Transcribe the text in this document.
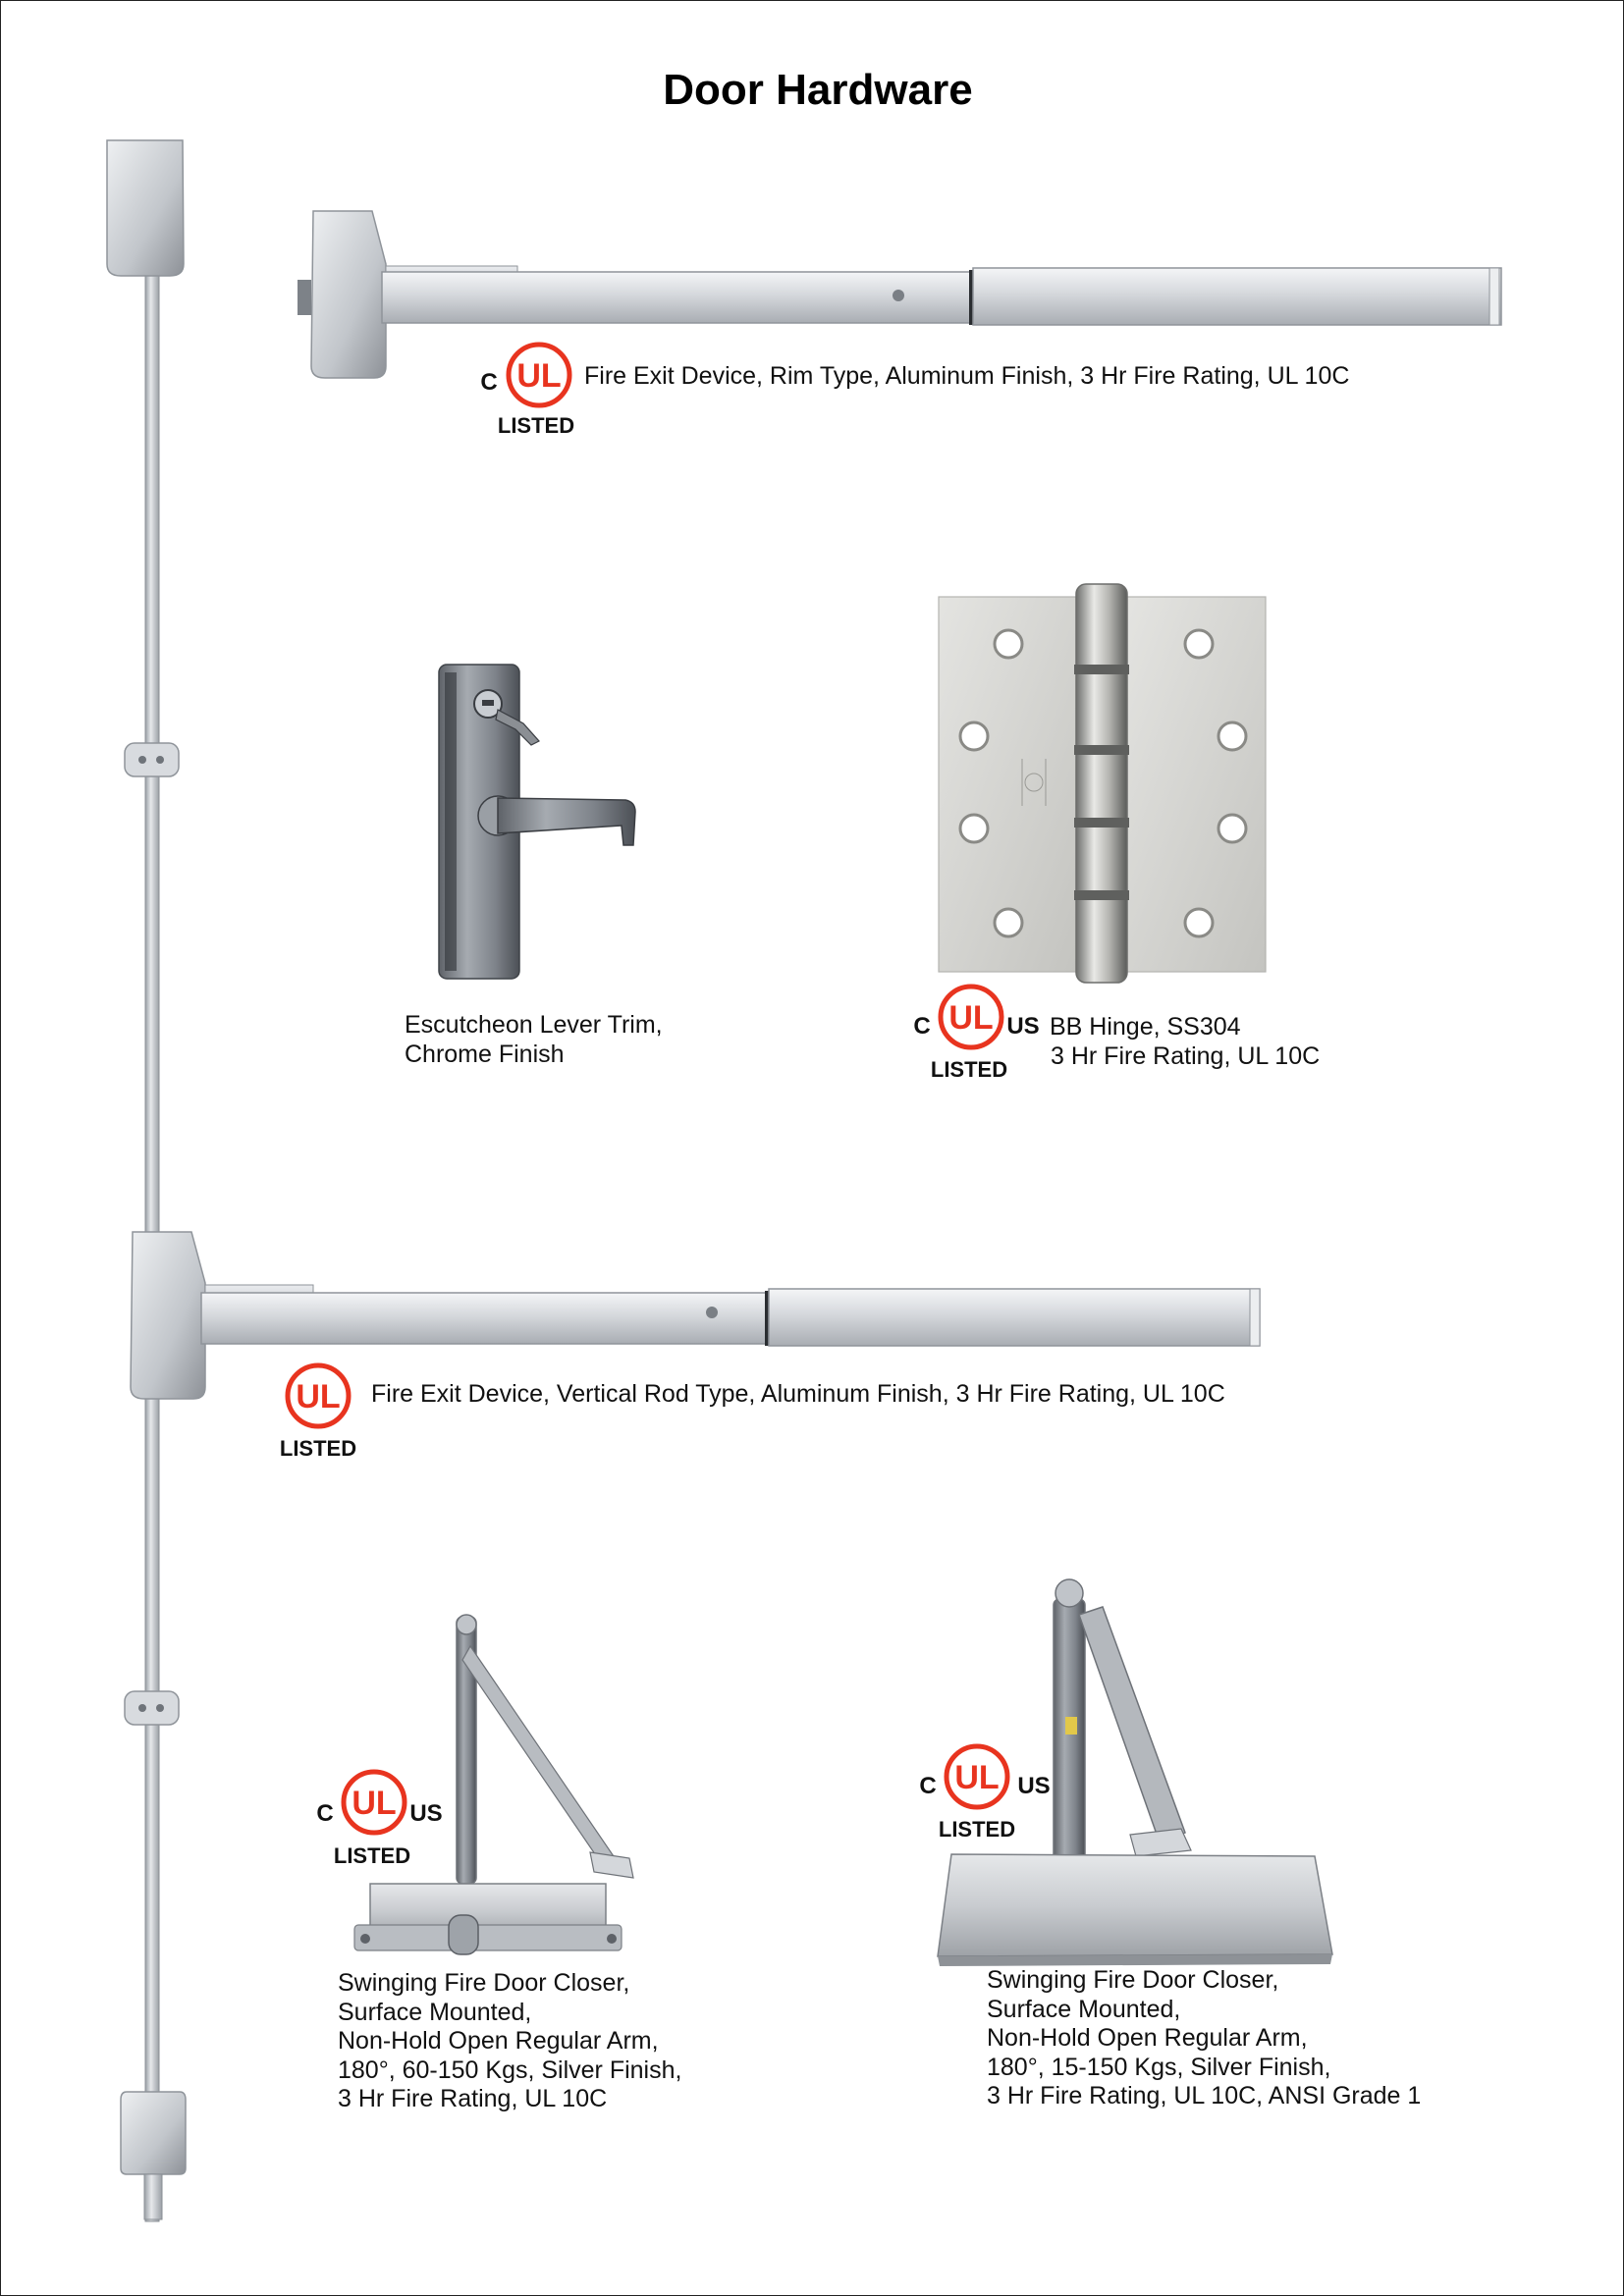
Door Hardware
UL
C
LISTED
Fire Exit Device, Rim Type, Aluminum Finish, 3 Hr Fire Rating, UL 10C
Escutcheon Lever Trim,
Chrome Finish
UL
C	US
LISTED
BB Hinge, SS304
3 Hr Fire Rating, UL 10C
UL
LISTED
Fire Exit Device, Vertical Rod Type, Aluminum Finish, 3 Hr Fire Rating, UL 10C
UL
C	US
LISTED
Swinging Fire Door Closer,
Surface Mounted,
Non-Hold Open Regular Arm,
180°, 60-150 Kgs, Silver Finish,
3 Hr Fire Rating, UL 10C
UL
C	US
LISTED
Swinging Fire Door Closer,
Surface Mounted,
Non-Hold Open Regular Arm,
180°, 15-150 Kgs, Silver Finish,
3 Hr Fire Rating, UL 10C, ANSI Grade 1
